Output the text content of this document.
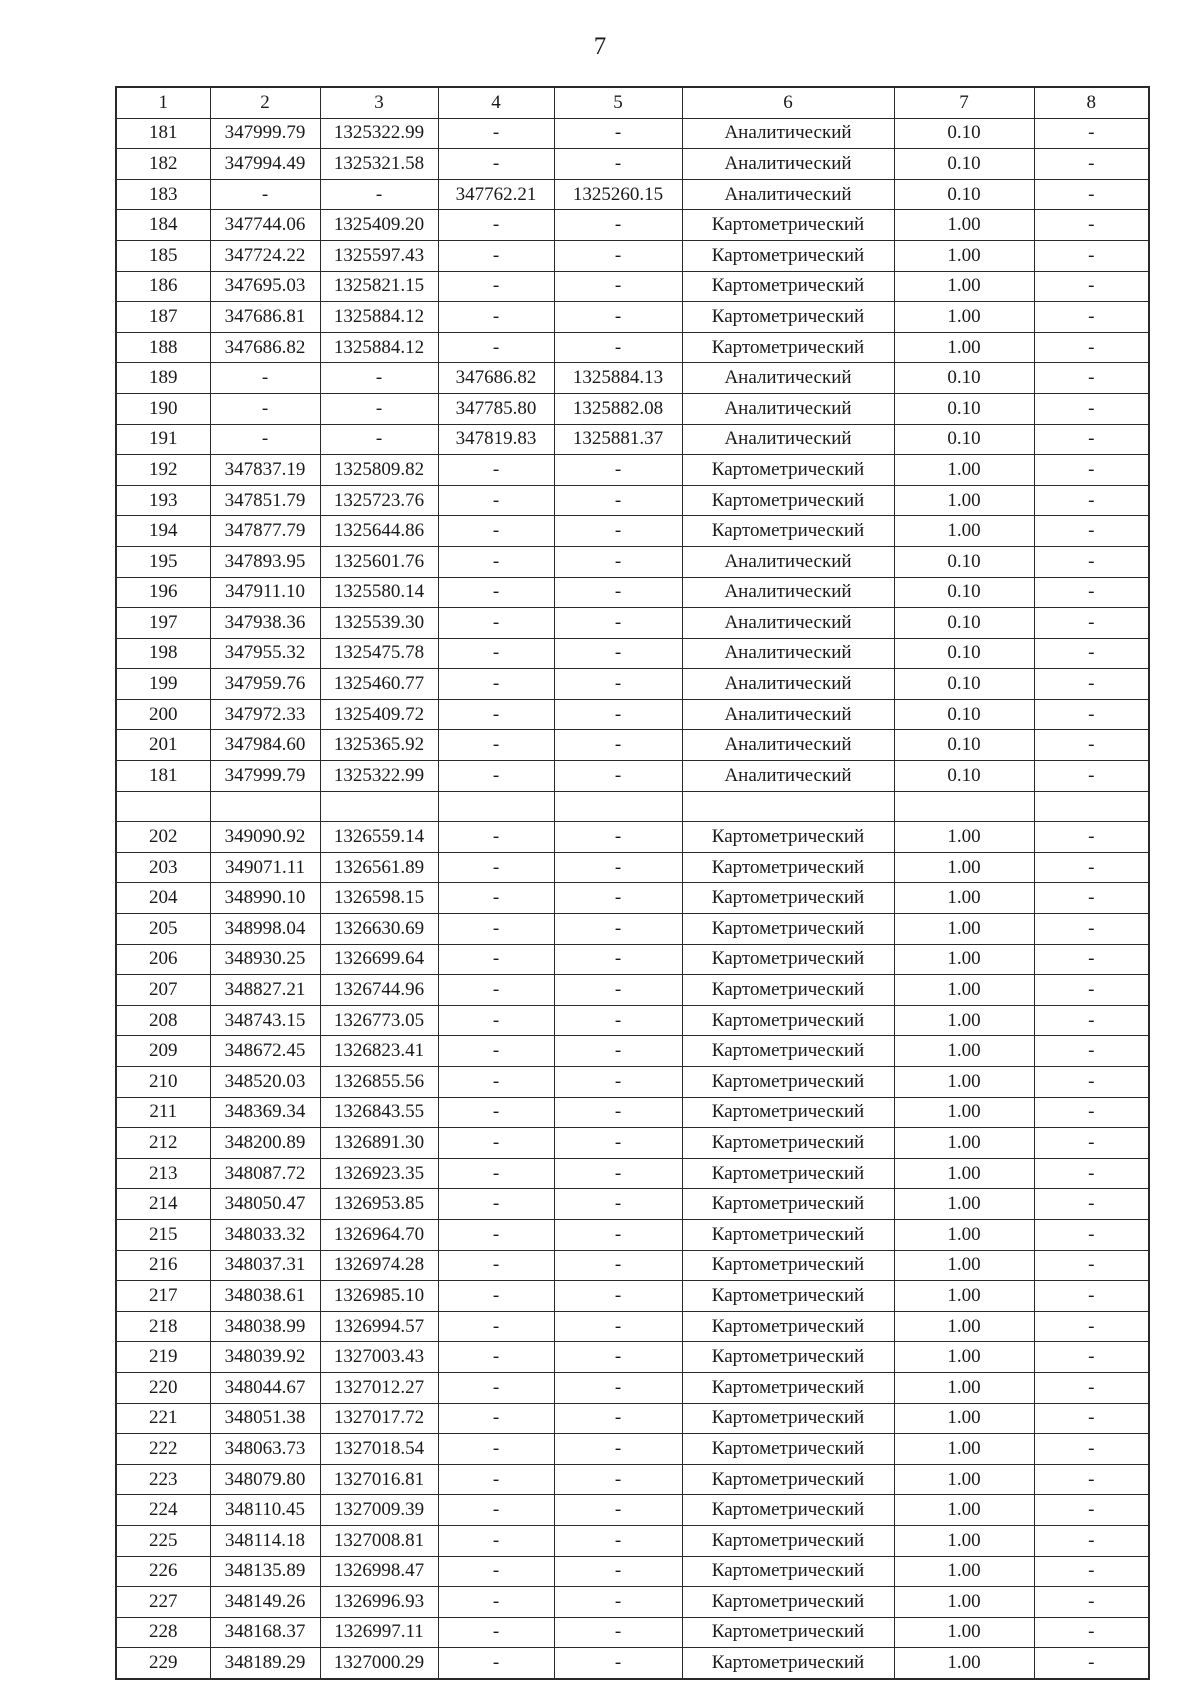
7
1	2	3	4	5	6	7	8
181	347999.79	1325322.99	-	-	Аналитический	0.10	-
182	347994.49	1325321.58	-	-	Аналитический	0.10	-
183	-	-	347762.21	1325260.15	Аналитический	0.10	-
184	347744.06	1325409.20	-	-	Картометрический	1.00	-
185	347724.22	1325597.43	-	-	Картометрический	1.00	-
186	347695.03	1325821.15	-	-	Картометрический	1.00	-
187	347686.81	1325884.12	-	-	Картометрический	1.00	-
188	347686.82	1325884.12	-	-	Картометрический	1.00	-
189	-	-	347686.82	1325884.13	Аналитический	0.10	-
190	-	-	347785.80	1325882.08	Аналитический	0.10	-
191	-	-	347819.83	1325881.37	Аналитический	0.10	-
192	347837.19	1325809.82	-	-	Картометрический	1.00	-
193	347851.79	1325723.76	-	-	Картометрический	1.00	-
194	347877.79	1325644.86	-	-	Картометрический	1.00	-
195	347893.95	1325601.76	-	-	Аналитический	0.10	-
196	347911.10	1325580.14	-	-	Аналитический	0.10	-
197	347938.36	1325539.30	-	-	Аналитический	0.10	-
198	347955.32	1325475.78	-	-	Аналитический	0.10	-
199	347959.76	1325460.77	-	-	Аналитический	0.10	-
200	347972.33	1325409.72	-	-	Аналитический	0.10	-
201	347984.60	1325365.92	-	-	Аналитический	0.10	-
181	347999.79	1325322.99	-	-	Аналитический	0.10	-

202	349090.92	1326559.14	-	-	Картометрический	1.00	-
203	349071.11	1326561.89	-	-	Картометрический	1.00	-
204	348990.10	1326598.15	-	-	Картометрический	1.00	-
205	348998.04	1326630.69	-	-	Картометрический	1.00	-
206	348930.25	1326699.64	-	-	Картометрический	1.00	-
207	348827.21	1326744.96	-	-	Картометрический	1.00	-
208	348743.15	1326773.05	-	-	Картометрический	1.00	-
209	348672.45	1326823.41	-	-	Картометрический	1.00	-
210	348520.03	1326855.56	-	-	Картометрический	1.00	-
211	348369.34	1326843.55	-	-	Картометрический	1.00	-
212	348200.89	1326891.30	-	-	Картометрический	1.00	-
213	348087.72	1326923.35	-	-	Картометрический	1.00	-
214	348050.47	1326953.85	-	-	Картометрический	1.00	-
215	348033.32	1326964.70	-	-	Картометрический	1.00	-
216	348037.31	1326974.28	-	-	Картометрический	1.00	-
217	348038.61	1326985.10	-	-	Картометрический	1.00	-
218	348038.99	1326994.57	-	-	Картометрический	1.00	-
219	348039.92	1327003.43	-	-	Картометрический	1.00	-
220	348044.67	1327012.27	-	-	Картометрический	1.00	-
221	348051.38	1327017.72	-	-	Картометрический	1.00	-
222	348063.73	1327018.54	-	-	Картометрический	1.00	-
223	348079.80	1327016.81	-	-	Картометрический	1.00	-
224	348110.45	1327009.39	-	-	Картометрический	1.00	-
225	348114.18	1327008.81	-	-	Картометрический	1.00	-
226	348135.89	1326998.47	-	-	Картометрический	1.00	-
227	348149.26	1326996.93	-	-	Картометрический	1.00	-
228	348168.37	1326997.11	-	-	Картометрический	1.00	-
229	348189.29	1327000.29	-	-	Картометрический	1.00	-
